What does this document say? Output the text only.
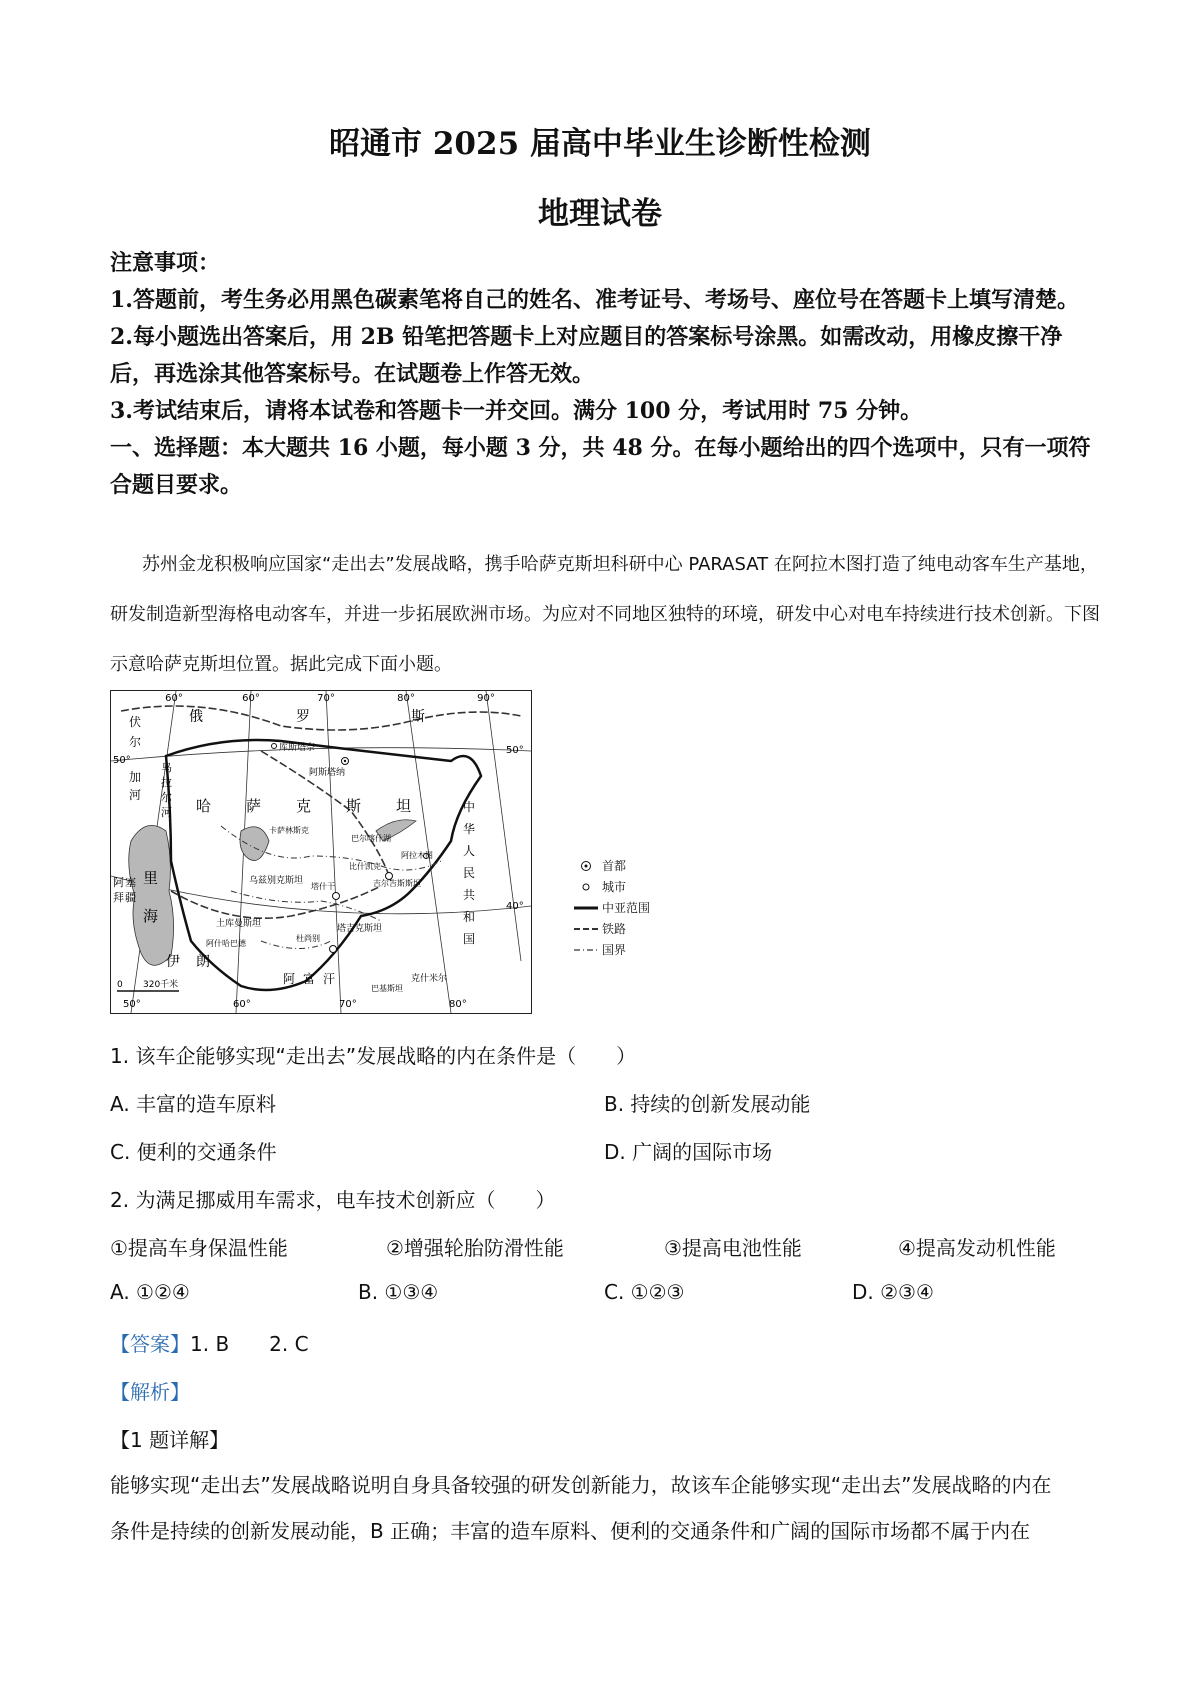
昭通市 2025 届高中毕业生诊断性检测
地理试卷

注意事项：

1.答题前，考生务必用黑色碳素笔将自己的姓名、准考证号、考场号、座位号在答题卡上填写清楚。

2.每小题选出答案后，用 2B 铅笔把答题卡上对应题目的答案标号涂黑。如需改动，用橡皮擦干净后，再选涂其他答案标号。在试题卷上作答无效。

3.考试结束后，请将本试卷和答题卡一并交回。满分 100 分，考试用时 75 分钟。

一、选择题：本大题共 16 小题，每小题 3 分，共 48 分。在每小题给出的四个选项中，只有一项符合题目要求。

苏州金龙积极响应国家“走出去”发展战略，携手哈萨克斯坦科研中心 PARASAT 在阿拉木图打造了纯电动客车生产基地，研发制造新型海格电动客车，并进一步拓展欧洲市场。为应对不同地区独特的环境，研发中心对电车持续进行技术创新。下图示意哈萨克斯坦位置。据此完成下面小题。
60°	60°	70°	80°	90°
50°
50°
40°
50°	60°	70°	80°
俄	罗	斯
伏
尔
加
河
乌
拉
尔
河 哈 萨 克 斯 坦
里
海
伊 朗
阿 富 汗
阿 塞
拜 疆
中
华
人
民
共
和
国
库斯塔奈
阿斯塔纳
巴尔喀什湖
阿拉木图
比什凯克
吉尔吉斯斯坦
卡萨林斯克
乌兹别克斯坦
塔什干
土库曼斯坦
阿什哈巴德
杜尚别
塔吉克斯坦
巴基斯坦
克什米尔
0 320千米
首都
城市
中亚范围
铁路
国界
1. 该车企能够实现“走出去”发展战略的内在条件是（　　）
A. 丰富的造车原料	B. 持续的创新发展动能
C. 便利的交通条件	D. 广阔的国际市场
2. 为满足挪威用车需求，电车技术创新应（　　）
①提高车身保温性能	②增强轮胎防滑性能	③提高电池性能	④提高发动机性能
A. ①②④	B. ①③④	C. ①②③	D. ②③④
【答案】1. B　　2. C
【解析】
【1 题详解】

能够实现“走出去”发展战略说明自身具备较强的研发创新能力，故该车企能够实现“走出去”发展战略的内在

条件是持续的创新发展动能，B 正确；丰富的造车原料、便利的交通条件和广阔的国际市场都不属于内在
